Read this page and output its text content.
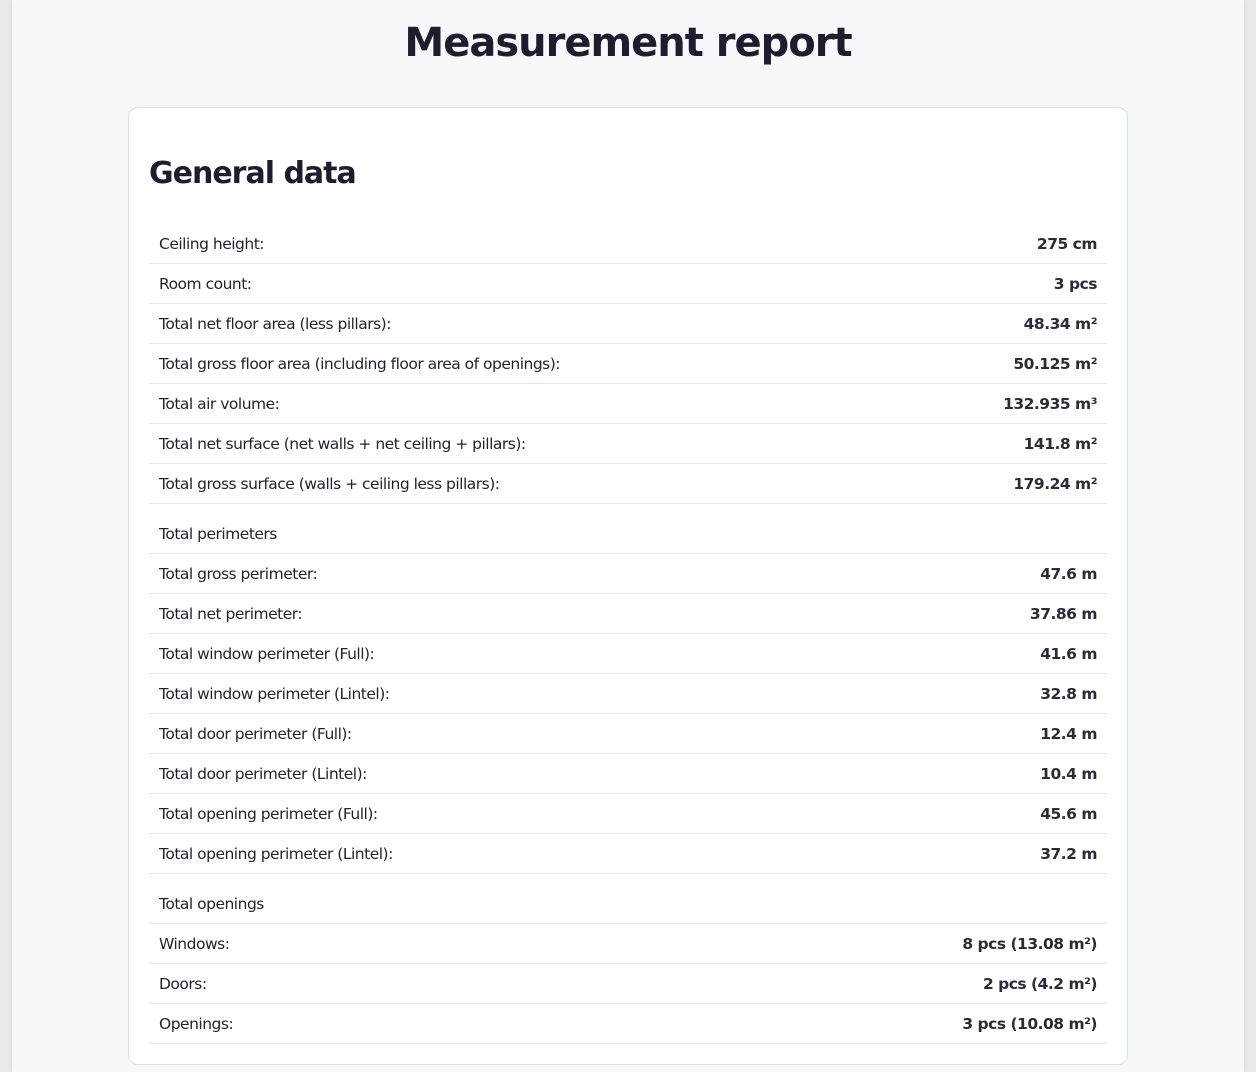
Measurement report
General data
Ceiling height:	275 cm
Room count:	3 pcs
Total net floor area (less pillars):	48.34 m²
Total gross floor area (including floor area of openings):	50.125 m²
Total air volume:	132.935 m³
Total net surface (net walls + net ceiling + pillars):	141.8 m²
Total gross surface (walls + ceiling less pillars):	179.24 m²
Total perimeters
Total gross perimeter:	47.6 m
Total net perimeter:	37.86 m
Total window perimeter (Full):	41.6 m
Total window perimeter (Lintel):	32.8 m
Total door perimeter (Full):	12.4 m
Total door perimeter (Lintel):	10.4 m
Total opening perimeter (Full):	45.6 m
Total opening perimeter (Lintel):	37.2 m
Total openings
Windows:	8 pcs (13.08 m²)
Doors:	2 pcs (4.2 m²)
Openings:	3 pcs (10.08 m²)
